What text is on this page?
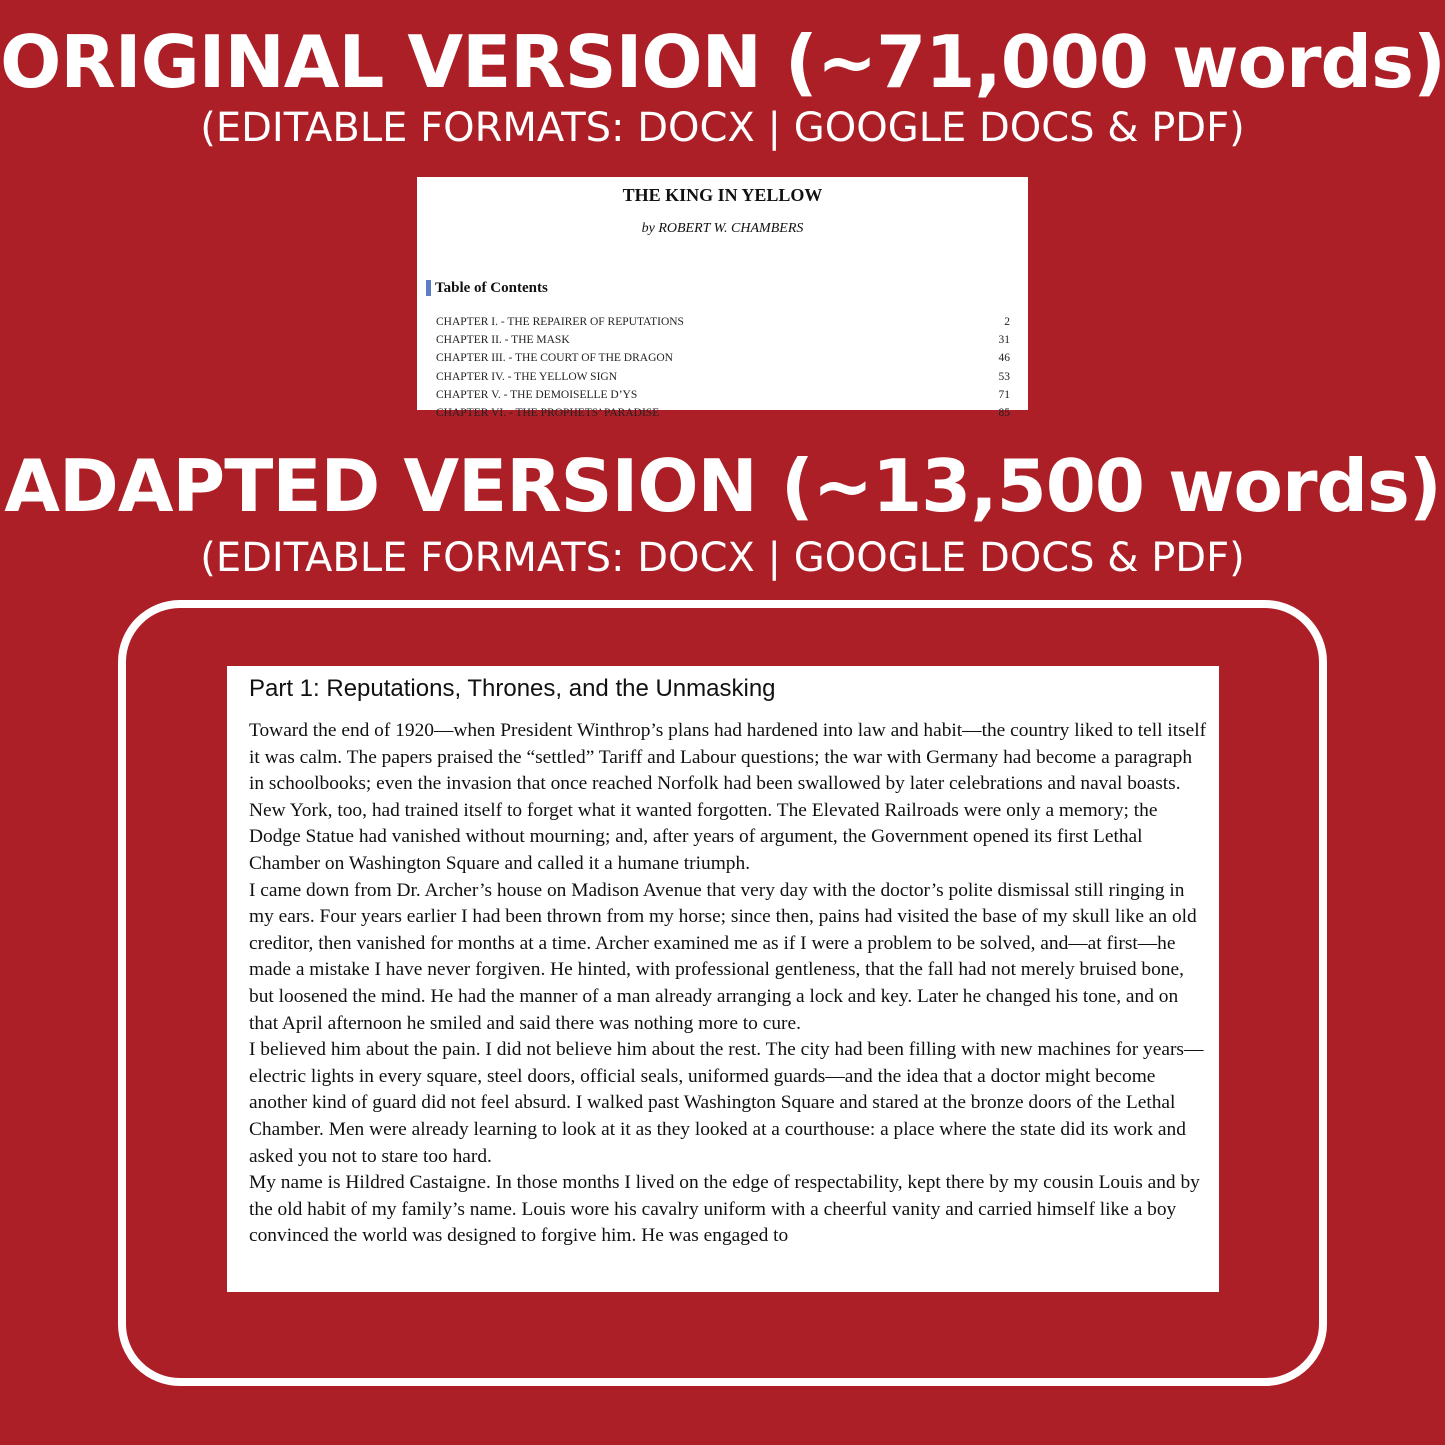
ORIGINAL VERSION (~71,000 words)
(EDITABLE FORMATS: DOCX | GOOGLE DOCS & PDF)
THE KING IN YELLOW
by ROBERT W. CHAMBERS
Table of Contents
CHAPTER I. - THE REPAIRER OF REPUTATIONS	2
CHAPTER II. - THE MASK	31
CHAPTER III. - THE COURT OF THE DRAGON	46
CHAPTER IV. - THE YELLOW SIGN	53
CHAPTER V. - THE DEMOISELLE D’YS	71
CHAPTER VI. - THE PROPHETS’ PARADISE	85
ADAPTED VERSION (~13,500 words)
(EDITABLE FORMATS: DOCX | GOOGLE DOCS & PDF)
Part 1: Reputations, Thrones, and the Unmasking

Toward the end of 1920—when President Winthrop’s plans had hardened into law and habit—the country liked to tell itself it was calm. The papers praised the “settled” Tariff and Labour questions; the war with Germany had become a paragraph in schoolbooks; even the invasion that once reached Norfolk had been swallowed by later celebrations and naval boasts. New York, too, had trained itself to forget what it wanted forgotten. The Elevated Railroads were only a memory; the Dodge Statue had vanished without mourning; and, after years of argument, the Government opened its first Lethal Chamber on Washington Square and called it a humane triumph.

I came down from Dr. Archer’s house on Madison Avenue that very day with the doctor’s polite dismissal still ringing in my ears. Four years earlier I had been thrown from my horse; since then, pains had visited the base of my skull like an old creditor, then vanished for months at a time. Archer examined me as if I were a problem to be solved, and—at first—he made a mistake I have never forgiven. He hinted, with professional gentleness, that the fall had not merely bruised bone, but loosened the mind. He had the manner of a man already arranging a lock and key. Later he changed his tone, and on that April afternoon he smiled and said there was nothing more to cure.

I believed him about the pain. I did not believe him about the rest. The city had been filling with new machines for years—electric lights in every square, steel doors, official seals, uniformed guards—and the idea that a doctor might become another kind of guard did not feel absurd. I walked past Washington Square and stared at the bronze doors of the Lethal Chamber. Men were already learning to look at it as they looked at a courthouse: a place where the state did its work and asked you not to stare too hard.

My name is Hildred Castaigne. In those months I lived on the edge of respectability, kept there by my cousin Louis and by the old habit of my family’s name. Louis wore his cavalry uniform with a cheerful vanity and carried himself like a boy convinced the world was designed to forgive him. He was engaged to
